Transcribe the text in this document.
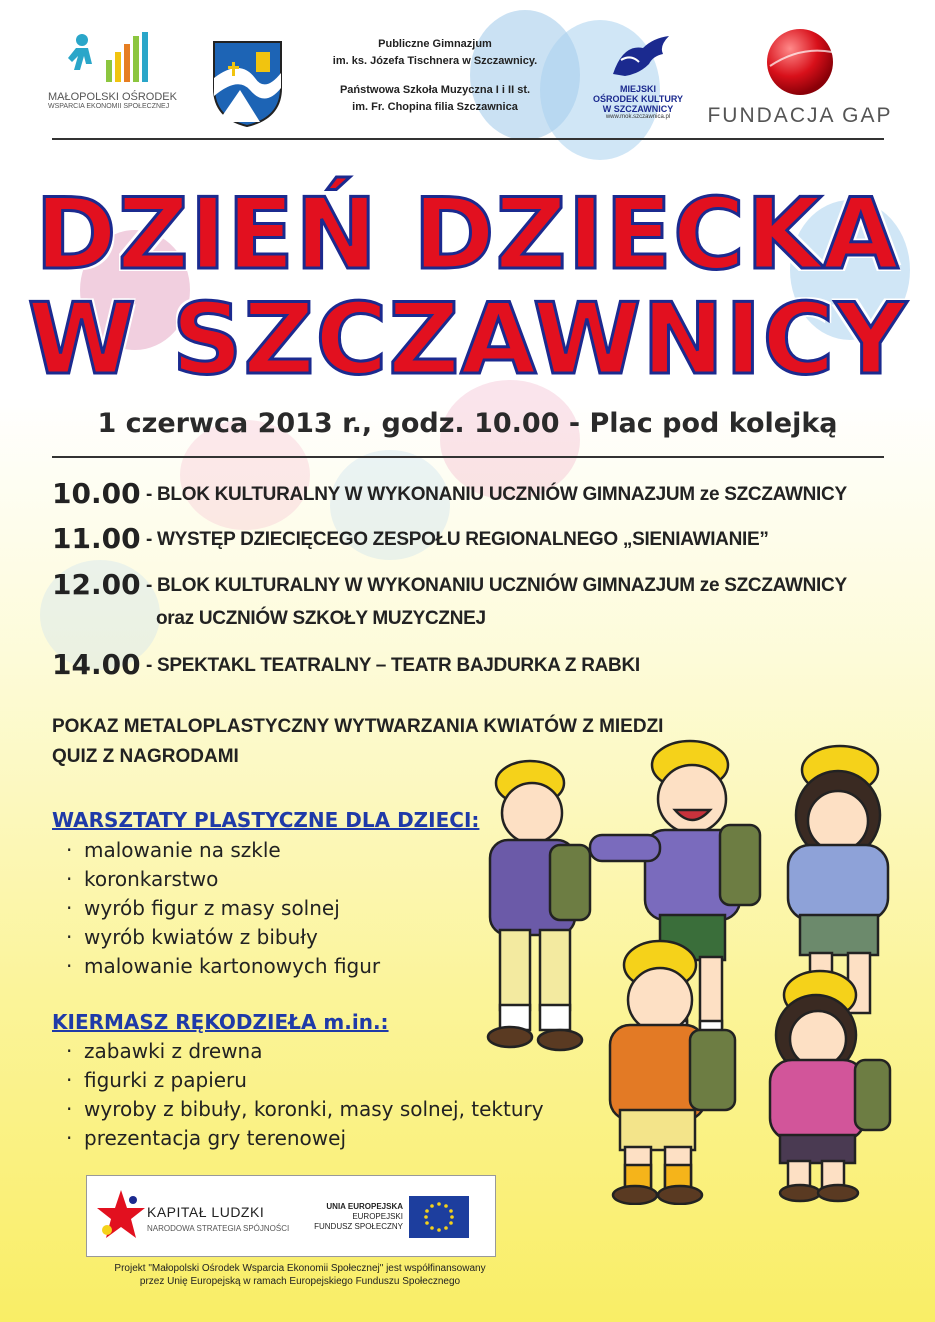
MAŁOPOLSKI OŚRODEK
WSPARCIA EKONOMII SPOŁECZNEJ
Publiczne Gimnazjum
im. ks. Józefa Tischnera w Szczawnicy.
Państwowa Szkoła Muzyczna I i II st.
im. Fr. Chopina filia Szczawnica
MIEJSKI
OŚRODEK KULTURY
W SZCZAWNICY
www.mok.szczawnica.pl	FUNDACJA GAP
DZIEŃ DZIECKA
W SZCZAWNICY
1 czerwca 2013 r., godz. 10.00 - Plac pod kolejką
10.00 - BLOK KULTURALNY W WYKONANIU UCZNIÓW GIMNAZJUM ze SZCZAWNICY
11.00 - WYSTĘP DZIECIĘCEGO ZESPOŁU REGIONALNEGO „SIENIAWIANIE”
12.00 - BLOK KULTURALNY W WYKONANIU UCZNIÓW GIMNAZJUM ze SZCZAWNICY
oraz UCZNIÓW SZKOŁY MUZYCZNEJ
14.00 - SPEKTAKL TEATRALNY – TEATR BAJDURKA Z RABKI
POKAZ METALOPLASTYCZNY WYTWARZANIA KWIATÓW Z MIEDZI
QUIZ Z NAGRODAMI
WARSZTATY PLASTYCZNE DLA DZIECI:
· malowanie na szkle
· koronkarstwo
· wyrób figur z masy solnej
· wyrób kwiatów z bibuły
· malowanie kartonowych figur
KIERMASZ RĘKODZIEŁA m.in.:
· zabawki z drewna
· figurki z papieru
· wyroby z bibuły, koronki, masy solnej, tektury
· prezentacja gry terenowej
KAPITAŁ LUDZKI
NARODOWA STRATEGIA SPÓJNOŚCI
UNIA EUROPEJSKA
EUROPEJSKI
FUNDUSZ SPOŁECZNY
Projekt "Małopolski Ośrodek Wsparcia Ekonomii Społecznej" jest współfinansowany
przez Unię Europejską w ramach Europejskiego Funduszu Społecznego
